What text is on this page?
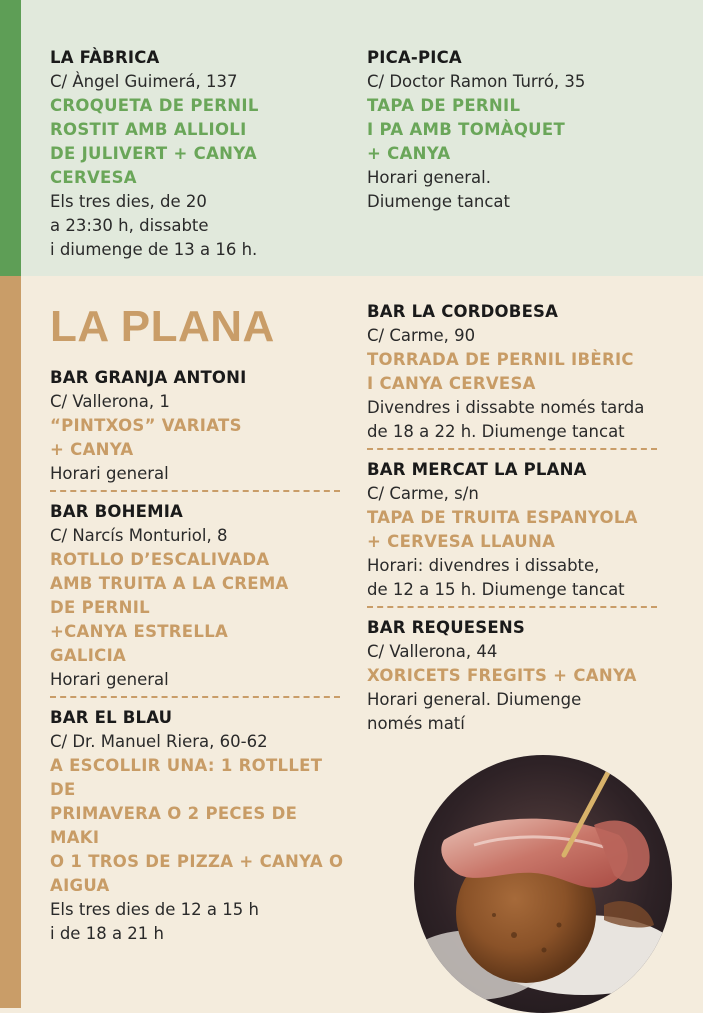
LA FÀBRICA
C/ Àngel Guimerá, 137
CROQUETA DE PERNIL
ROSTIT AMB ALLIOLI
DE JULIVERT + CANYA
CERVESA
Els tres dies, de 20
a 23:30 h, dissabte
i diumenge de 13 a 16 h.
PICA-PICA
C/ Doctor Ramon Turró, 35
TAPA DE PERNIL
I PA AMB TOMÀQUET
+ CANYA
Horari general.
Diumenge tancat
LA PLANA
BAR GRANJA ANTONI
C/ Vallerona, 1
“PINTXOS” VARIATS
+ CANYA
Horari general
BAR BOHEMIA
C/ Narcís Monturiol, 8
ROTLLO D’ESCALIVADA
AMB TRUITA A LA CREMA
DE PERNIL
+CANYA ESTRELLA
GALICIA
Horari general
BAR EL BLAU
C/ Dr. Manuel Riera, 60-62
A ESCOLLIR UNA: 1 ROTLLET DE
PRIMAVERA O 2 PECES DE MAKI
O 1 TROS DE PIZZA + CANYA O
AIGUA
Els tres dies de 12 a 15 h
i de 18 a 21 h
BAR LA CORDOBESA
C/ Carme, 90
TORRADA DE PERNIL IBÈRIC
I CANYA CERVESA
Divendres i dissabte només tarda
de 18 a 22 h. Diumenge tancat
BAR MERCAT LA PLANA
C/ Carme, s/n
TAPA DE TRUITA ESPANYOLA
+ CERVESA LLAUNA
Horari: divendres i dissabte,
de 12 a 15 h. Diumenge tancat
BAR REQUESENS
C/ Vallerona, 44
XORICETS FREGITS + CANYA
Horari general. Diumenge
només matí
